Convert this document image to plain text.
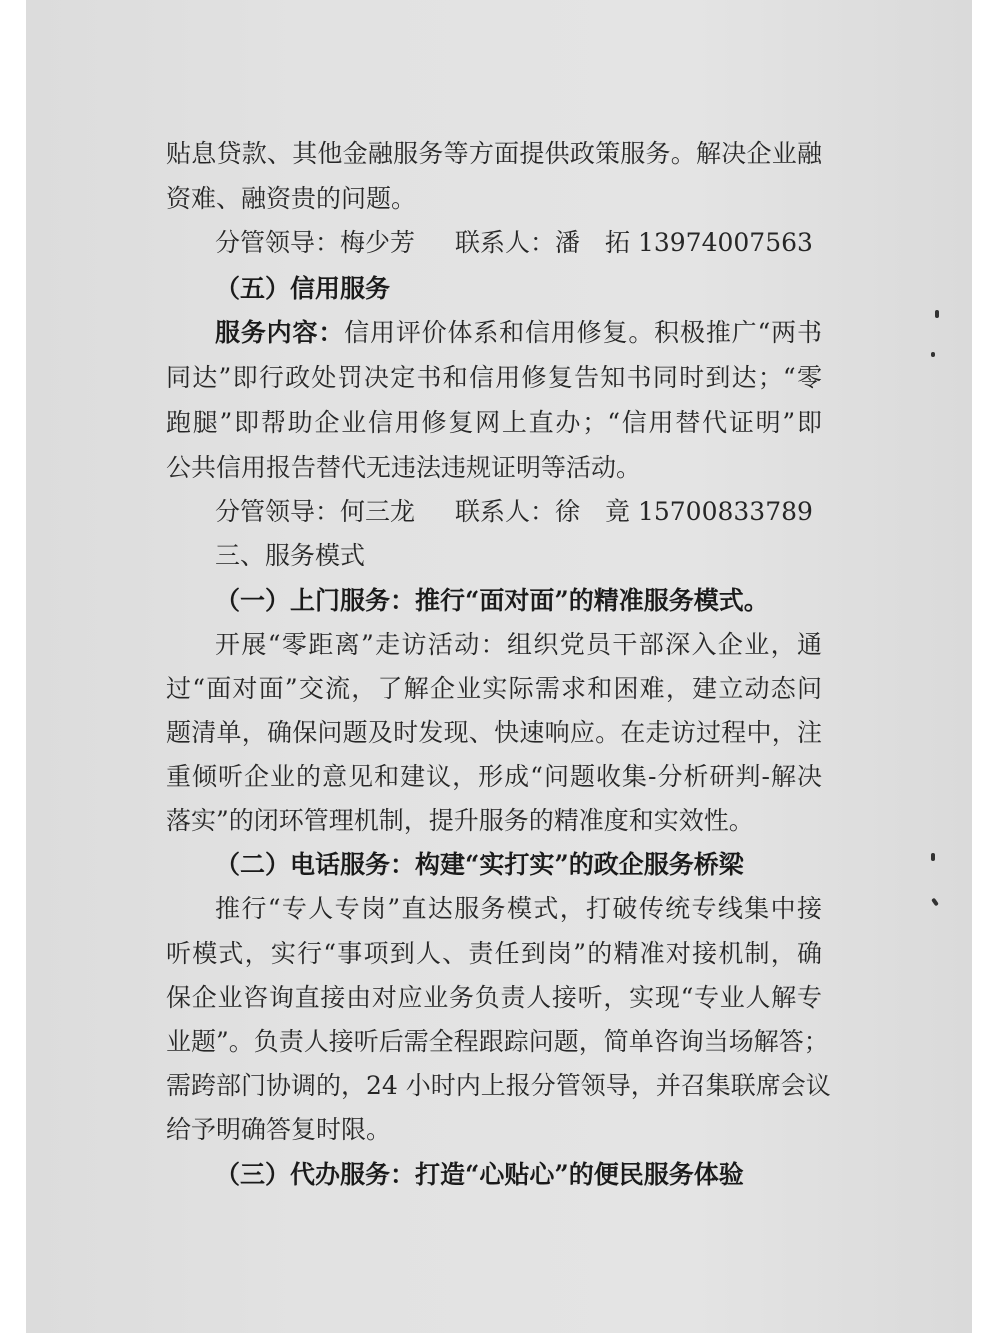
贴息贷款、其他金融服务等方面提供政策服务。解决企业融
资难、融资贵的问题。
分管领导：梅少芳 联系人：潘　拓 13974007563
（五）信用服务
服务内容：信用评价体系和信用修复。积极推广“两书
同达”即行政处罚决定书和信用修复告知书同时到达；“零
跑腿”即帮助企业信用修复网上直办；“信用替代证明”即
公共信用报告替代无违法违规证明等活动。
分管领导：何三龙 联系人：徐　竟 15700833789
三、服务模式
（一）上门服务：推行“面对面”的精准服务模式。
开展“零距离”走访活动：组织党员干部深入企业，通
过“面对面”交流，了解企业实际需求和困难，建立动态问
题清单，确保问题及时发现、快速响应。在走访过程中，注
重倾听企业的意见和建议，形成“问题收集-分析研判-解决
落实”的闭环管理机制，提升服务的精准度和实效性。
（二）电话服务：构建“实打实”的政企服务桥梁
推行“专人专岗”直达服务模式，打破传统专线集中接
听模式，实行“事项到人、责任到岗”的精准对接机制，确
保企业咨询直接由对应业务负责人接听，实现“专业人解专
业题”。负责人接听后需全程跟踪问题，简单咨询当场解答；
需跨部门协调的，24 小时内上报分管领导，并召集联席会议
给予明确答复时限。
（三）代办服务：打造“心贴心”的便民服务体验
